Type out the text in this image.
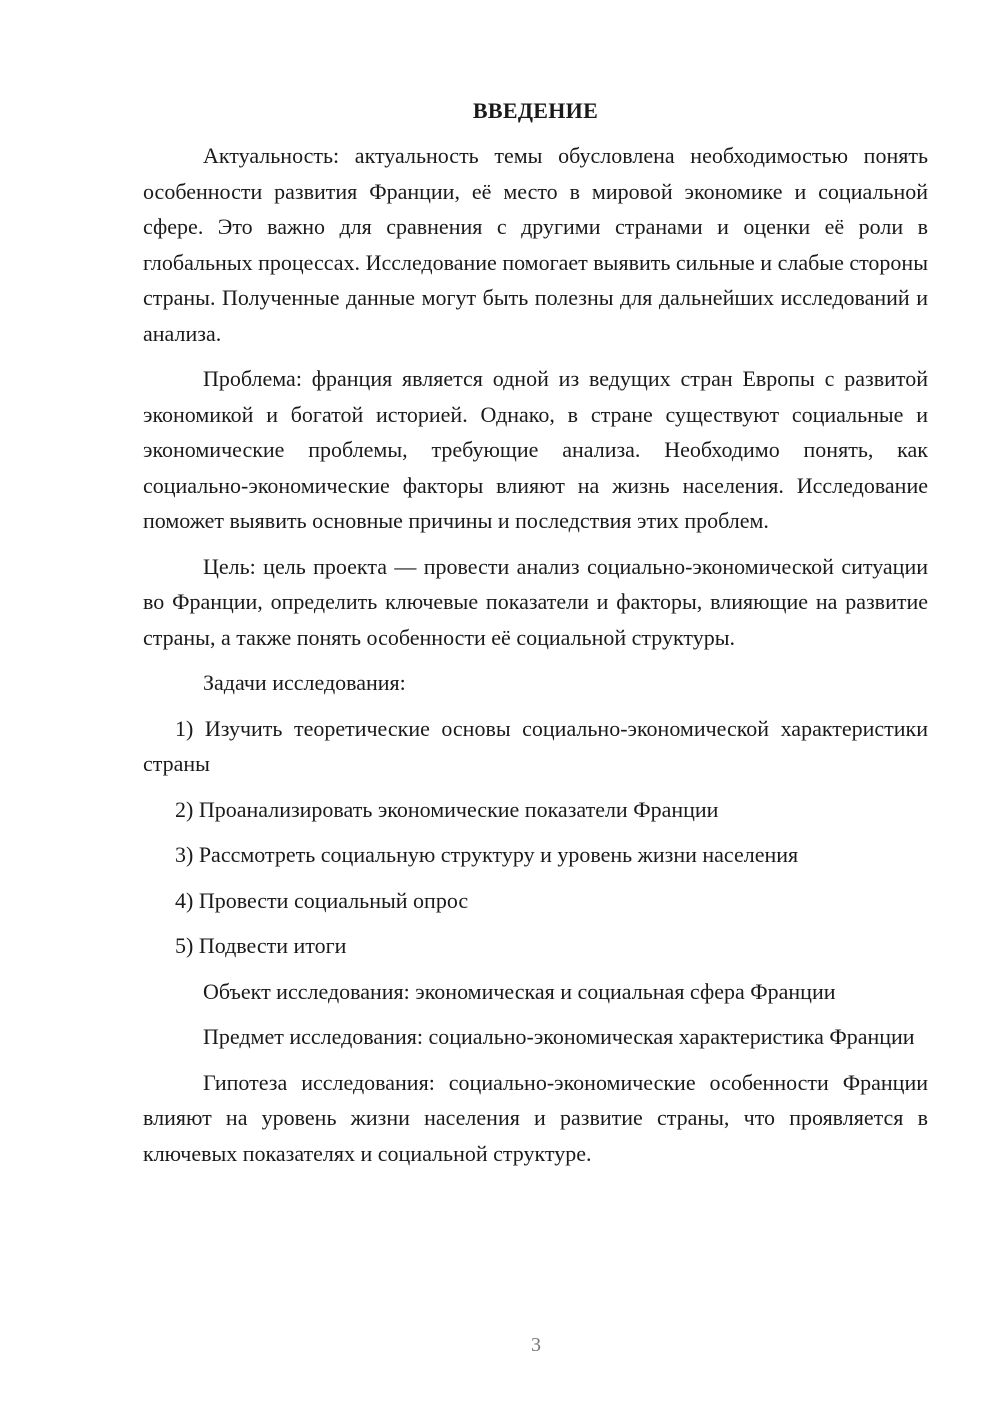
ВВЕДЕНИЕ

Актуальность: актуальность темы обусловлена необходимостью понять особенности развития Франции, её место в мировой экономике и социальной сфере. Это важно для сравнения с другими странами и оценки её роли в глобальных процессах. Исследование помогает выявить сильные и слабые стороны страны. Полученные данные могут быть полезны для дальнейших исследований и анализа.

Проблема: франция является одной из ведущих стран Европы с развитой экономикой и богатой историей. Однако, в стране существуют социальные и экономические проблемы, требующие анализа. Необходимо понять, как социально-экономические факторы влияют на жизнь населения. Исследование поможет выявить основные причины и последствия этих проблем.

Цель: цель проекта — провести анализ социально-экономической ситуации во Франции, определить ключевые показатели и факторы, влияющие на развитие страны, а также понять особенности её социальной структуры.

Задачи исследования:

1) Изучить теоретические основы социально-экономической характеристики страны

2) Проанализировать экономические показатели Франции

3) Рассмотреть социальную структуру и уровень жизни населения

4) Провести социальный опрос

5) Подвести итоги

Объект исследования: экономическая и социальная сфера Франции

Предмет исследования: социально-экономическая характеристика Франции

Гипотеза исследования: социально-экономические особенности Франции влияют на уровень жизни населения и развитие страны, что проявляется в ключевых показателях и социальной структуре.

3
